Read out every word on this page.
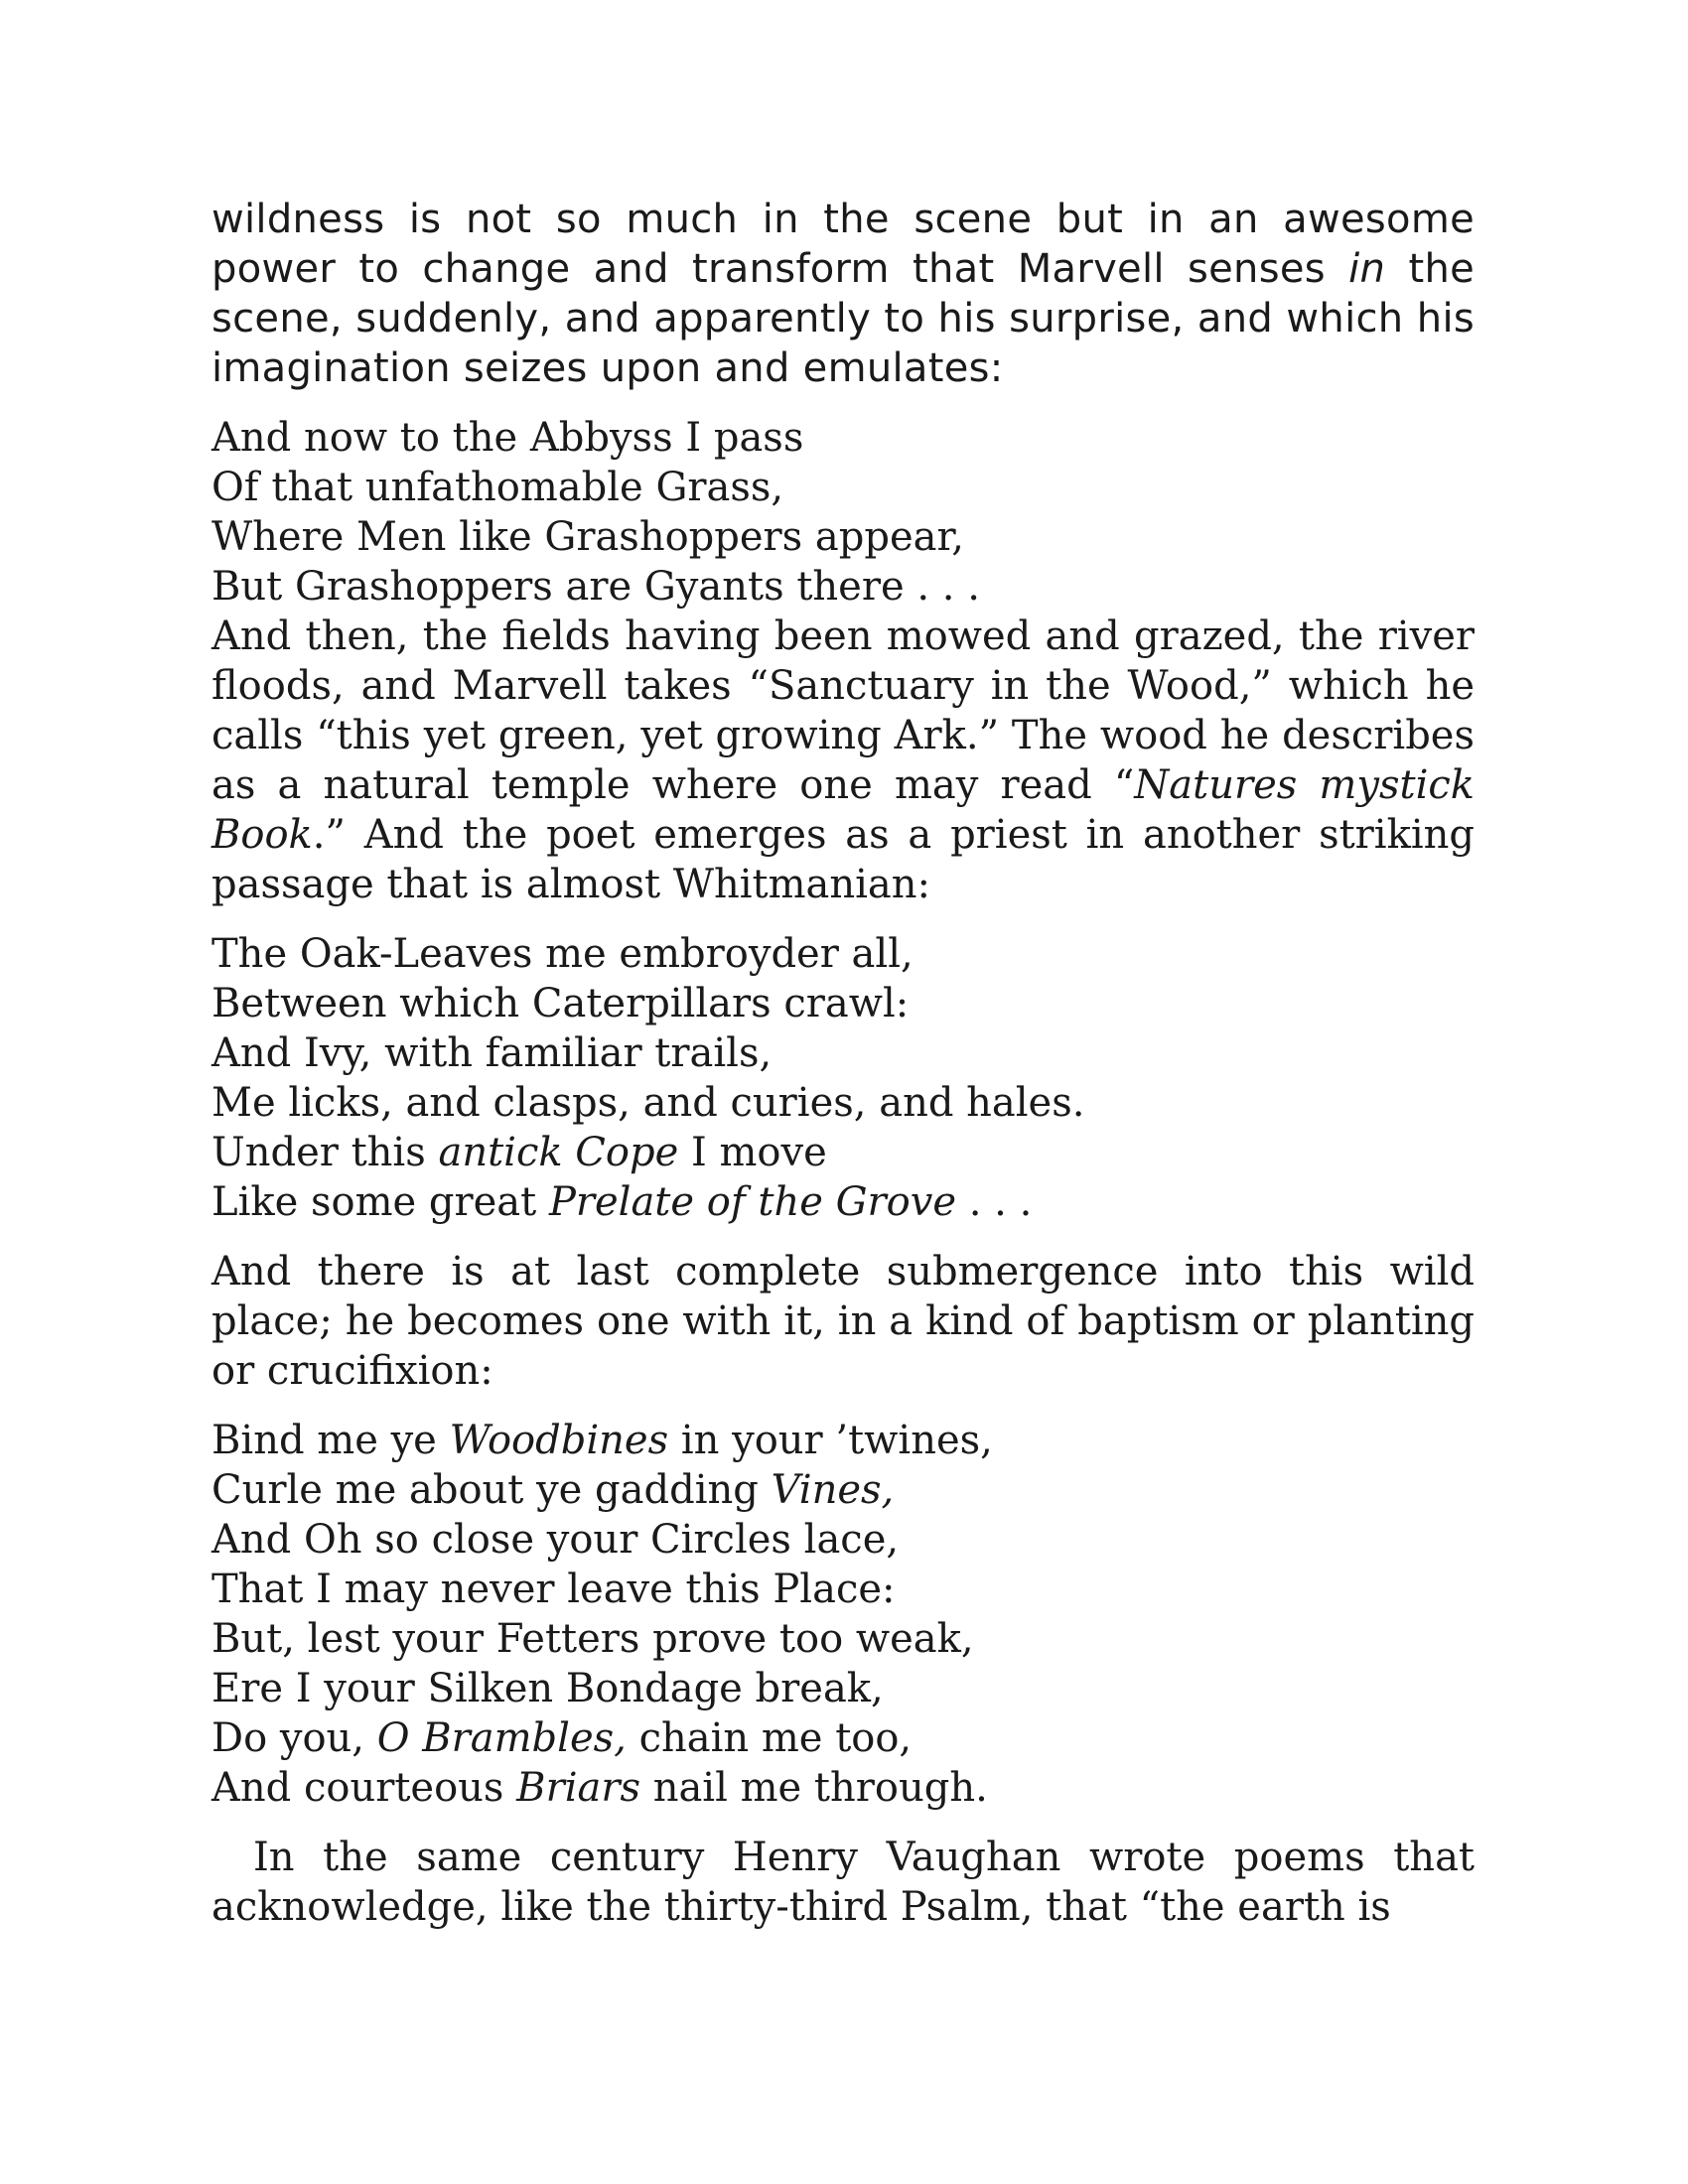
wildness is not so much in the scene but in an awesome power to change and transform that Marvell senses in the scene, suddenly, and apparently to his surprise, and which his imagination seizes upon and emulates:

And now to the Abbyss I pass
Of that unfathomable Grass,
Where Men like Grashoppers appear,
But Grashoppers are Gyants there . . .

And then, the fields having been mowed and grazed, the river floods, and Marvell takes “Sanctuary in the Wood,” which he calls “this yet green, yet growing Ark.” The wood he describes as a natural temple where one may read “Natures mystick Book.” And the poet emerges as a priest in another striking passage that is almost Whitmanian:

The Oak-Leaves me embroyder all,
Between which Caterpillars crawl:
And Ivy, with familiar trails,
Me licks, and clasps, and curies, and hales.
Under this antick Cope I move
Like some great Prelate of the Grove . . .

And there is at last complete submergence into this wild place; he becomes one with it, in a kind of baptism or planting or crucifixion:

Bind me ye Woodbines in your ’twines,
Curle me about ye gadding Vines,
And Oh so close your Circles lace,
That I may never leave this Place:
But, lest your Fetters prove too weak,
Ere I your Silken Bondage break,
Do you, O Brambles, chain me too,
And courteous Briars nail me through.

In the same century Henry Vaughan wrote poems that acknowledge, like the thirty-third Psalm, that “the earth is
